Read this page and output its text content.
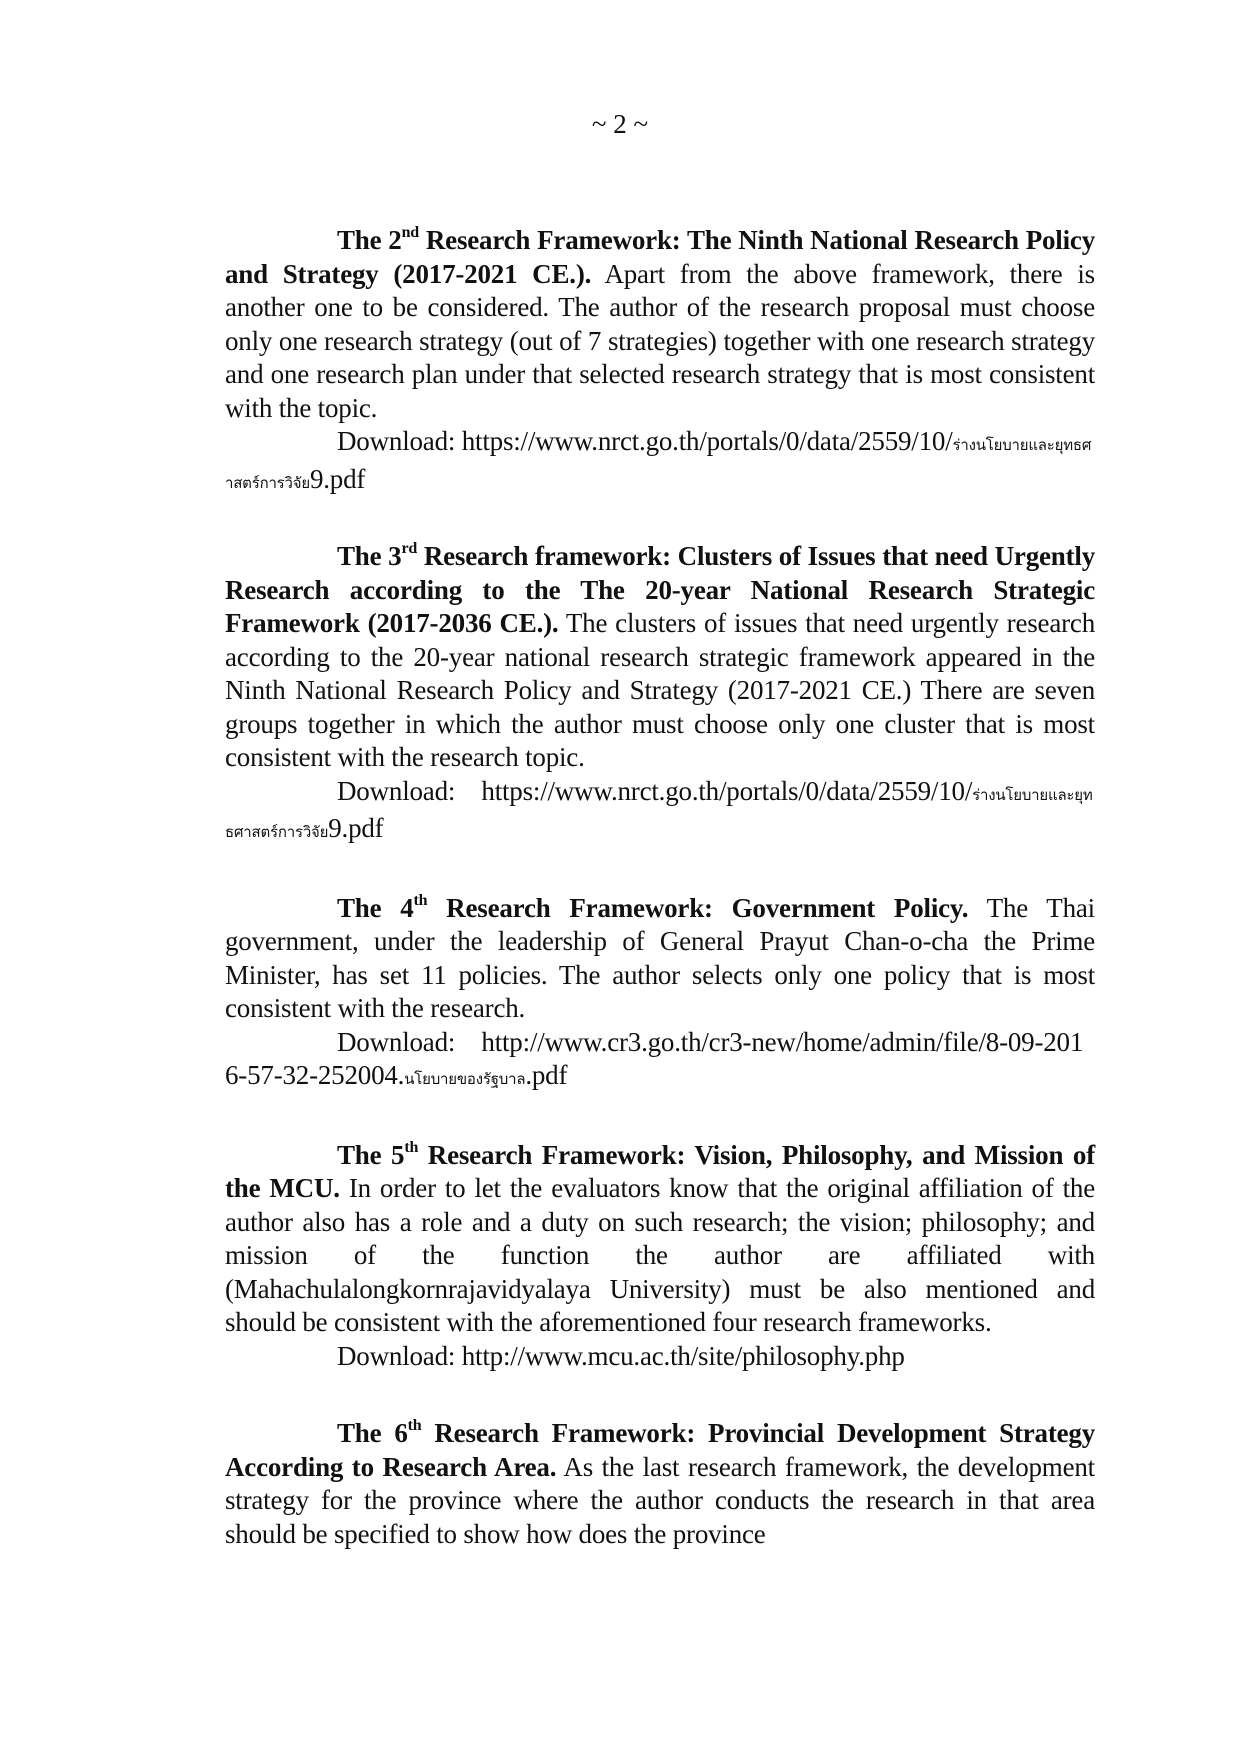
~ 2 ~

The 2nd Research Framework: The Ninth National Research Policy and Strategy (2017-2021 CE.). Apart from the above framework, there is another one to be considered. The author of the research proposal must choose only one research strategy (out of 7 strategies) together with one research strategy and one research plan under that selected research strategy that is most consistent with the topic.

Download: https://www.nrct.go.th/portals/0/data/2559/10/ร่างนโยบายและยุทธศาสตร์การวิจัย9.pdf

The 3rd Research framework: Clusters of Issues that need Urgently Research according to the The 20-year National Research Strategic Framework (2017-2036 CE.). The clusters of issues that need urgently research according to the 20-year national research strategic framework appeared in the Ninth National Research Policy and Strategy (2017-2021 CE.) There are seven groups together in which the author must choose only one cluster that is most consistent with the research topic.

Download: https://www.nrct.go.th/portals/0/data/2559/10/ร่างนโยบายและยุทธศาสตร์การวิจัย9.pdf

The 4th Research Framework: Government Policy. The Thai government, under the leadership of General Prayut Chan-o-cha the Prime Minister, has set 11 policies. The author selects only one policy that is most consistent with the research.

Download: http://www.cr3.go.th/cr3-new/home/admin/file/8-09-2016-57-32-252004.นโยบายของรัฐบาล.pdf

The 5th Research Framework: Vision, Philosophy, and Mission of the MCU. In order to let the evaluators know that the original affiliation of the author also has a role and a duty on such research; the vision; philosophy; and mission of the function the author are affiliated with (Mahachulalongkornrajavidyalaya University) must be also mentioned and should be consistent with the aforementioned four research frameworks.

Download: http://www.mcu.ac.th/site/philosophy.php

The 6th Research Framework: Provincial Development Strategy According to Research Area. As the last research framework, the development strategy for the province where the author conducts the research in that area should be specified to show how does the province
